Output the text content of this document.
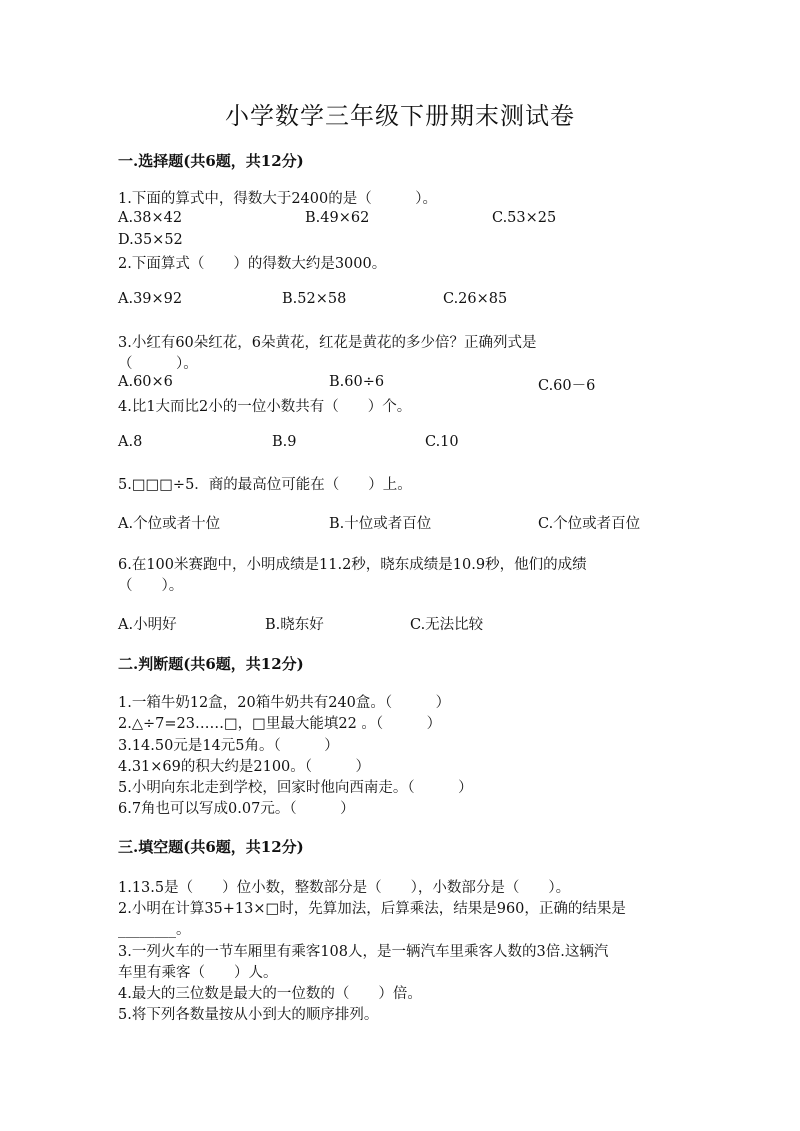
小学数学三年级下册期末测试卷
一.选择题(共6题，共12分)
1.下面的算式中，得数大于2400的是（　　　）。
A.38×42	B.49×62	C.53×25
D.35×52
2.下面算式（　　）的得数大约是3000。
A.39×92	B.52×58	C.26×85
3.小红有60朵红花，6朵黄花，红花是黄花的多少倍？正确列式是
（　　　）。
A.60×6	B.60÷6	C.60－6
4.比1大而比2小的一位小数共有（　　）个。
A.8	B.9	C.10
5.□□□÷5．商的最高位可能在（　　）上。
A.个位或者十位	B.十位或者百位	C.个位或者百位
6.在100米赛跑中，小明成绩是11.2秒，晓东成绩是10.9秒，他们的成绩
（　　）。
A.小明好	B.晓东好	C.无法比较
二.判断题(共6题，共12分)
1.一箱牛奶12盒，20箱牛奶共有240盒。（　　　）
2.△÷7=23……□，□里最大能填22 。（　　　）
3.14.50元是14元5角。（　　　）
4.31×69的积大约是2100。（　　　）
5.小明向东北走到学校，回家时他向西南走。（　　　）
6.7角也可以写成0.07元。（　　　）
三.填空题(共6题，共12分)
1.13.5是（　　）位小数，整数部分是（　　），小数部分是（　　）。
2.小明在计算35+13×□时，先算加法，后算乘法，结果是960，正确的结果是
________。
3.一列火车的一节车厢里有乘客108人，是一辆汽车里乘客人数的3倍.这辆汽
车里有乘客（　　）人。
4.最大的三位数是最大的一位数的（　　）倍。
5.将下列各数量按从小到大的顺序排列。
